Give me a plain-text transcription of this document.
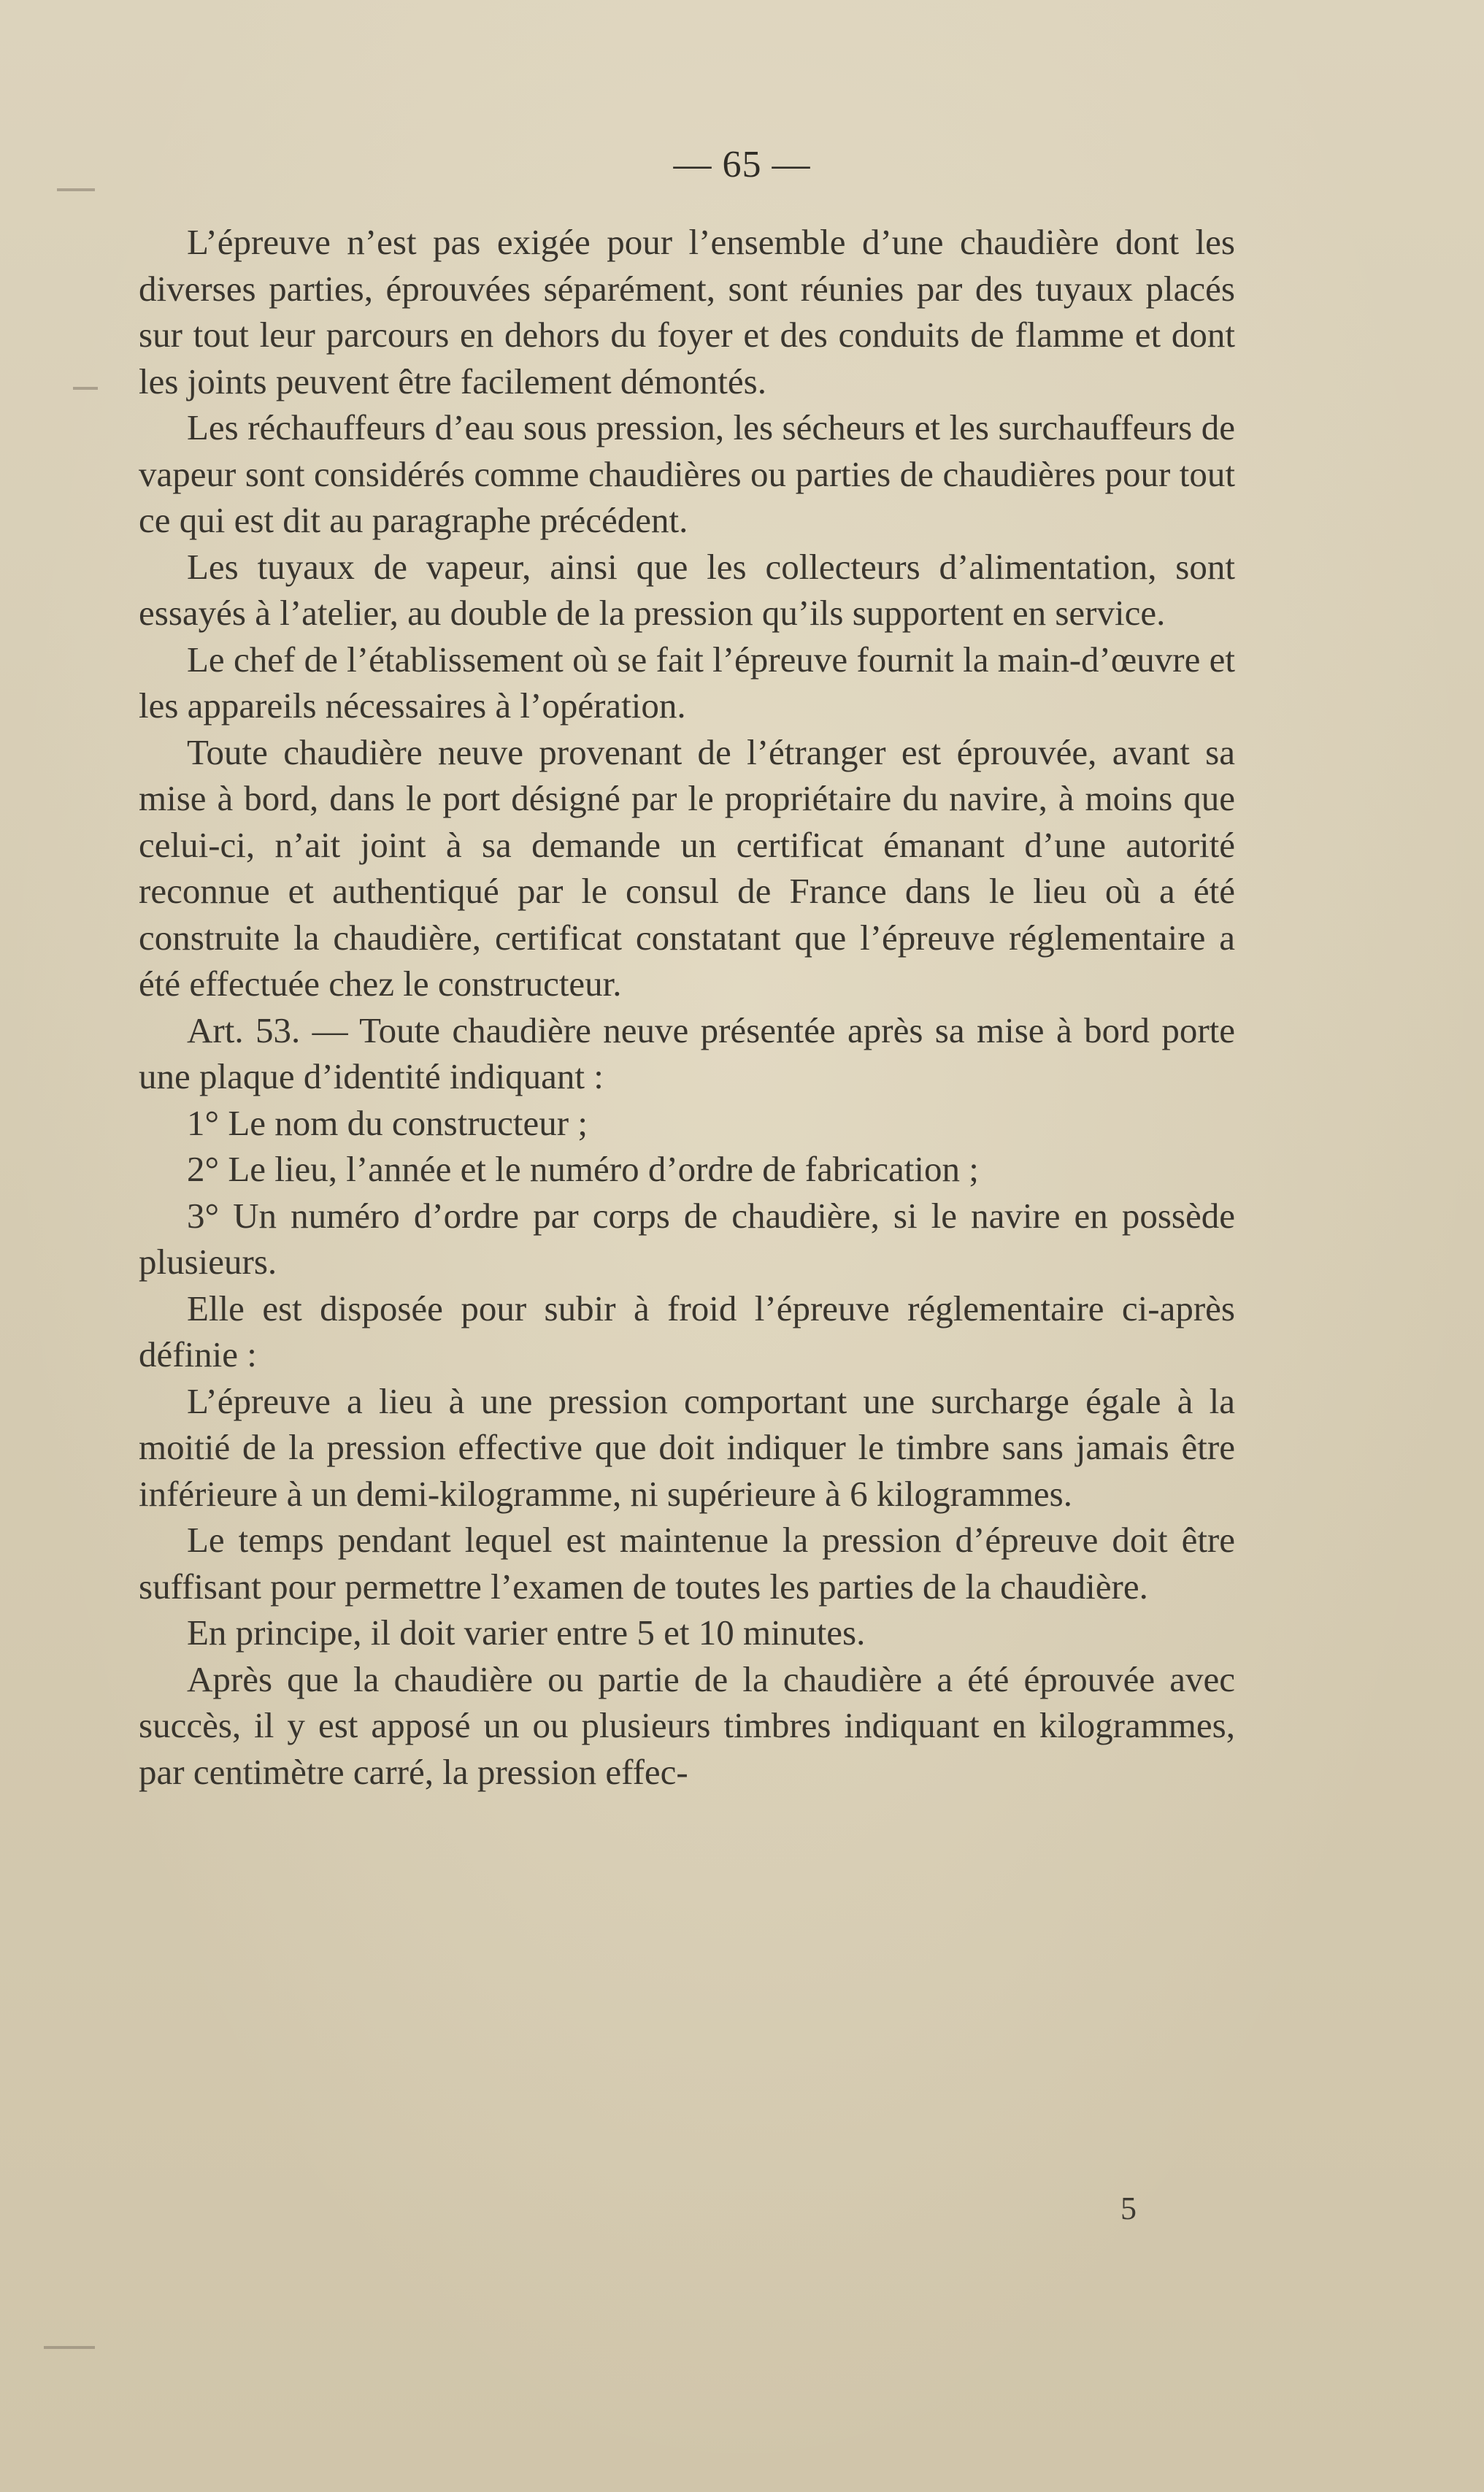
— 65 —

L’épreuve n’est pas exigée pour l’ensemble d’une chaudière dont les diverses parties, éprouvées séparément, sont réunies par des tuyaux placés sur tout leur parcours en dehors du foyer et des conduits de flamme et dont les joints peuvent être facilement démontés.

Les réchauffeurs d’eau sous pression, les sécheurs et les surchauffeurs de vapeur sont considérés comme chaudières ou parties de chaudières pour tout ce qui est dit au paragraphe précédent.

Les tuyaux de vapeur, ainsi que les collecteurs d’alimentation, sont essayés à l’atelier, au double de la pression qu’ils supportent en service.

Le chef de l’établissement où se fait l’épreuve fournit la main-d’œuvre et les appareils nécessaires à l’opération.

Toute chaudière neuve provenant de l’étranger est éprouvée, avant sa mise à bord, dans le port désigné par le propriétaire du navire, à moins que celui-ci, n’ait joint à sa demande un certificat émanant d’une autorité reconnue et authentiqué par le consul de France dans le lieu où a été construite la chaudière, certificat constatant que l’épreuve réglementaire a été effectuée chez le constructeur.

Art. 53. — Toute chaudière neuve présentée après sa mise à bord porte une plaque d’identité indiquant :

1° Le nom du constructeur ;

2° Le lieu, l’année et le numéro d’ordre de fabrication ;

3° Un numéro d’ordre par corps de chaudière, si le navire en possède plusieurs.

Elle est disposée pour subir à froid l’épreuve réglementaire ci-après définie :

L’épreuve a lieu à une pression comportant une surcharge égale à la moitié de la pression effective que doit indiquer le timbre sans jamais être inférieure à un demi-kilogramme, ni supérieure à 6 kilogrammes.

Le temps pendant lequel est maintenue la pression d’épreuve doit être suffisant pour permettre l’examen de toutes les parties de la chaudière.

En principe, il doit varier entre 5 et 10 minutes.

Après que la chaudière ou partie de la chaudière a été éprouvée avec succès, il y est apposé un ou plusieurs timbres indiquant en kilogrammes, par centimètre carré, la pression effec-

5
